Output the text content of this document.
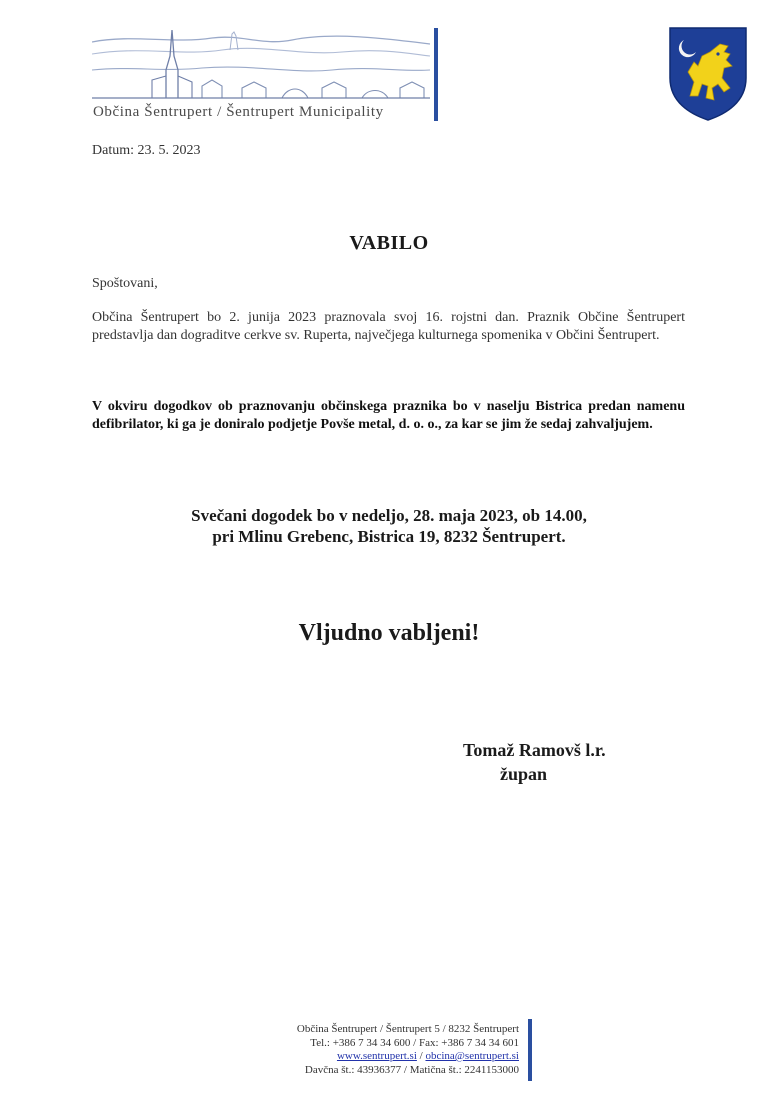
Občina Šentrupert / Šentrupert Municipality
Datum: 23. 5. 2023
VABILO
Spoštovani,
Občina Šentrupert bo 2. junija 2023 praznovala svoj 16. rojstni dan. Praznik Občine Šentrupert predstavlja dan dograditve cerkve sv. Ruperta, največjega kulturnega spomenika v Občini Šentrupert.
V okviru dogodkov ob praznovanju občinskega praznika bo v naselju Bistrica predan namenu defibrilator, ki ga je doniralo podjetje Povše metal, d. o. o., za kar se jim že sedaj zahvaljujem.
Svečani dogodek bo v nedeljo, 28. maja 2023, ob 14.00,
pri Mlinu Grebenc, Bistrica 19, 8232 Šentrupert.
Vljudno vabljeni!
Tomaž Ramovš l.r.
župan
Občina Šentrupert / Šentrupert 5 / 8232 Šentrupert
Tel.: +386 7 34 34 600 / Fax: +386 7 34 34 601
www.sentrupert.si / obcina@sentrupert.si
Davčna št.: 43936377 / Matična št.: 2241153000
